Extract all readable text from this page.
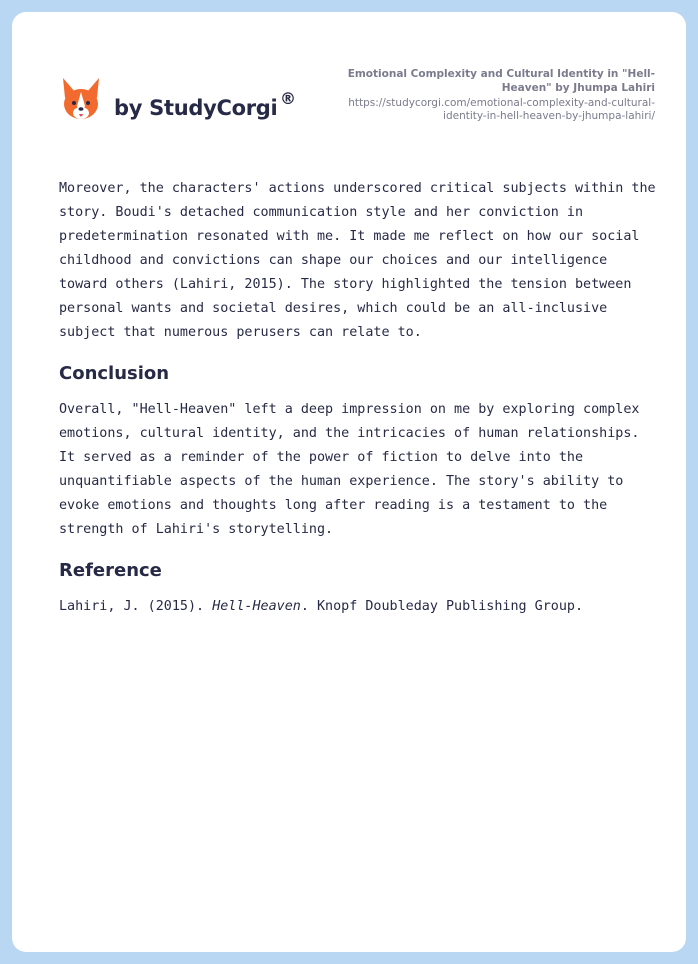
by StudyCorgi ®
Emotional Complexity and Cultural Identity in "Hell-Heaven" by Jhumpa Lahiri
https://studycorgi.com/emotional-complexity-and-cultural-identity-in-hell-heaven-by-jhumpa-lahiri/

Moreover, the characters' actions underscored critical subjects within the story. Boudi's detached communication style and her conviction in predetermination resonated with me. It made me reflect on how our social childhood and convictions can shape our choices and our intelligence toward others (Lahiri, 2015). The story highlighted the tension between personal wants and societal desires, which could be an all-inclusive subject that numerous perusers can relate to.

Conclusion

Overall, "Hell-Heaven" left a deep impression on me by exploring complex emotions, cultural identity, and the intricacies of human relationships. It served as a reminder of the power of fiction to delve into the unquantifiable aspects of the human experience. The story's ability to evoke emotions and thoughts long after reading is a testament to the strength of Lahiri's storytelling.

Reference

Lahiri, J. (2015). Hell-Heaven. Knopf Doubleday Publishing Group.
